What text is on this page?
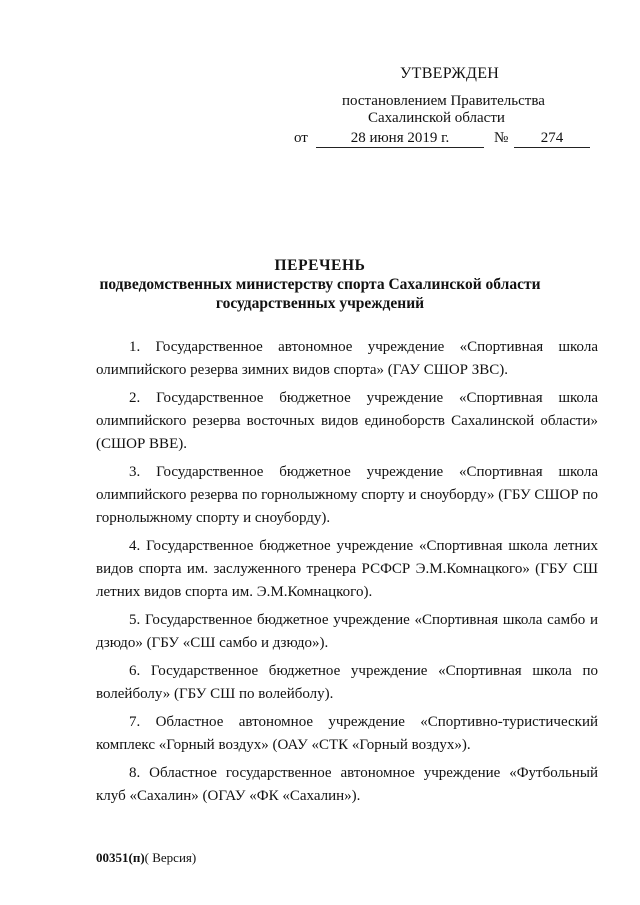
УТВЕРЖДЕН
постановлением Правительства
Сахалинской области
от	28 июня 2019 г.	№	274
ПЕРЕЧЕНЬ
подведомственных министерству спорта Сахалинской области
государственных учреждений

1. Государственное автономное учреждение «Спортивная школа олимпийского резерва зимних видов спорта» (ГАУ СШОР ЗВС).

2. Государственное бюджетное учреждение «Спортивная школа олимпийского резерва восточных видов единоборств Сахалинской области» (СШОР ВВЕ).

3. Государственное бюджетное учреждение «Спортивная школа олимпийского резерва по горнолыжному спорту и сноуборду» (ГБУ СШОР по горнолыжному спорту и сноуборду).

4. Государственное бюджетное учреждение «Спортивная школа летних видов спорта им. заслуженного тренера РСФСР Э.М.Комнацкого» (ГБУ СШ летних видов спорта им. Э.М.Комнацкого).

5. Государственное бюджетное учреждение «Спортивная школа самбо и дзюдо» (ГБУ «СШ самбо и дзюдо»).

6. Государственное бюджетное учреждение «Спортивная школа по волейболу» (ГБУ СШ по волейболу).

7. Областное автономное учреждение «Спортивно-туристический комплекс «Горный воздух» (ОАУ «СТК «Горный воздух»).

8. Областное государственное автономное учреждение «Футбольный клуб «Сахалин» (ОГАУ «ФК «Сахалин»).

00351(п)( Версия)
